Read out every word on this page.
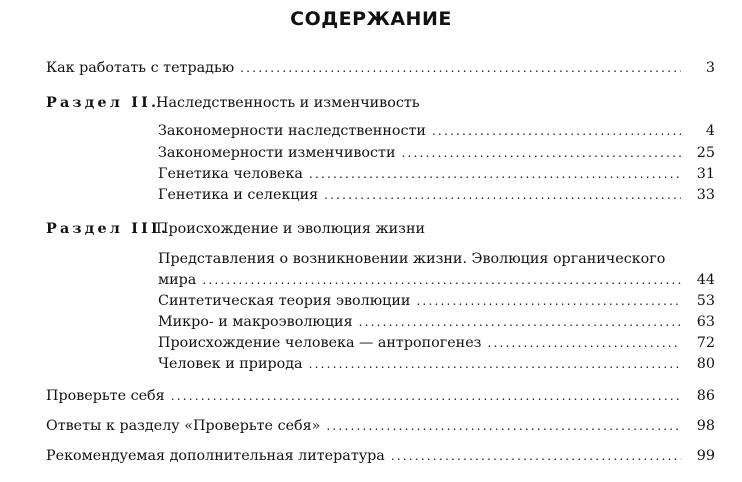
СОДЕРЖАНИЕ
Как работать с тетрадью .....	3
Раздел II.Наследственность и изменчивость
Закономерности наследственности .....	4
Закономерности изменчивости .....	25
Генетика человека .....	31
Генетика и селекция .....	33
Раздел III.Происхождение и эволюция жизни
Представления о возникновении жизни. Эволюция органического
мира .....	44
Синтетическая теория эволюции .....	53
Микро- и макроэволюция .....	63
Происхождение человека — антропогенез .....	72
Человек и природа .....	80
Проверьте себя .....	86
Ответы к разделу «Проверьте себя» .....	98
Рекомендуемая дополнительная литература .....	99
